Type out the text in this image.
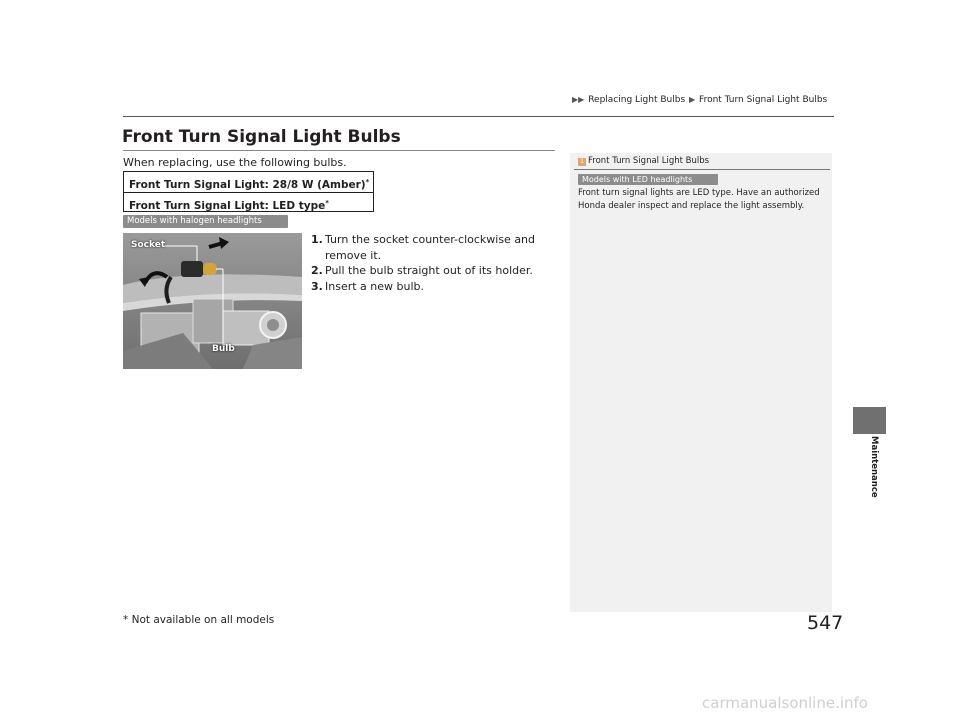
▶▶ Replacing Light Bulbs ▶ Front Turn Signal Light Bulbs
Front Turn Signal Light Bulbs
When replacing, use the following bulbs.
Front Turn Signal Light: 28/8 W (Amber)*
Front Turn Signal Light: LED type*
Models with halogen headlights
Socket
Bulb
1. Turn the socket counter-clockwise and remove it.
2. Pull the bulb straight out of its holder.
3. Insert a new bulb.
1 Front Turn Signal Light Bulbs
Models with LED headlights
Front turn signal lights are LED type. Have an authorized Honda dealer inspect and replace the light assembly.
Maintenance
547
* Not available on all models
carmanualsonline.info
